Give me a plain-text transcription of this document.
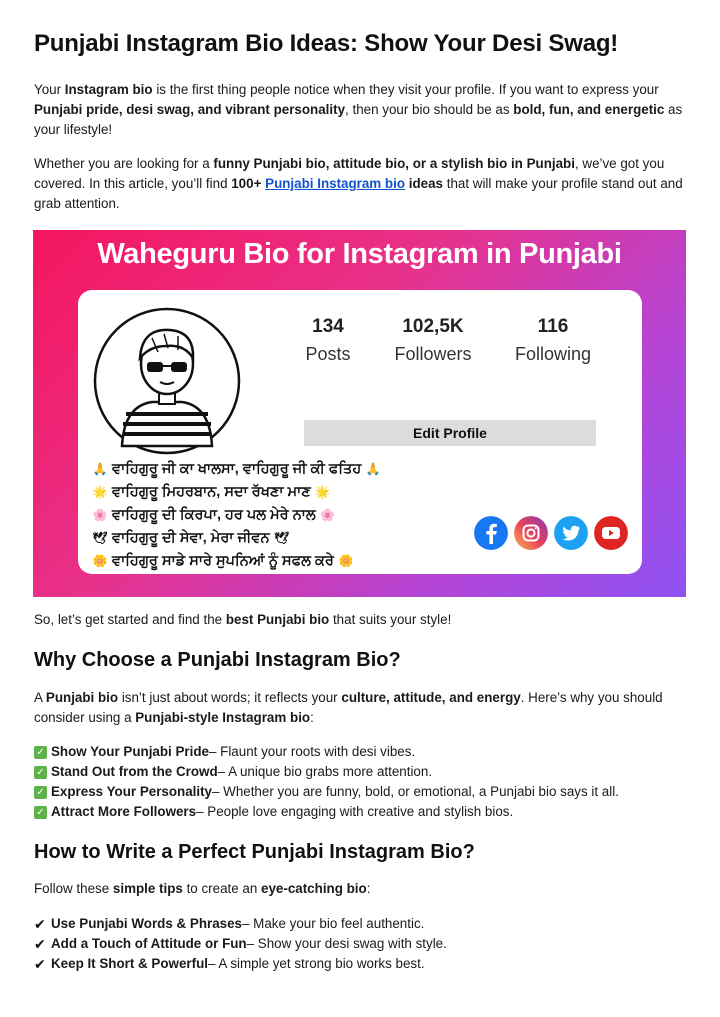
Punjabi Instagram Bio Ideas: Show Your Desi Swag!

Your Instagram bio is the first thing people notice when they visit your profile. If you want to express your Punjabi pride, desi swag, and vibrant personality, then your bio should be as bold, fun, and energetic as your lifestyle!

Whether you are looking for a funny Punjabi bio, attitude bio, or a stylish bio in Punjabi, we’ve got you covered. In this article, you’ll find 100+ Punjabi Instagram bio ideas that will make your profile stand out and grab attention.

Waheguru Bio for Instagram in Punjabi
134
Posts
102,5K
Followers
116
Following
Edit Profile
🙏 ਵਾਹਿਗੁਰੂ ਜੀ ਕਾ ਖਾਲਸਾ, ਵਾਹਿਗੁਰੂ ਜੀ ਕੀ ਫਤਿਹ 🙏
🌟 ਵਾਹਿਗੁਰੂ ਮਿਹਰਬਾਨ, ਸਦਾ ਰੱਖਣਾ ਮਾਣ 🌟
🌸 ਵਾਹਿਗੁਰੂ ਦੀ ਕਿਰਪਾ, ਹਰ ਪਲ ਮੇਰੇ ਨਾਲ 🌸
🕊 ਵਾਹਿਗੁਰੂ ਦੀ ਸੇਵਾ, ਮੇਰਾ ਜੀਵਨ 🕊
🌼 ਵਾਹਿਗੁਰੂ ਸਾਡੇ ਸਾਰੇ ਸੁਪਨਿਆਂ ਨੂੰ ਸਫਲ ਕਰੇ 🌼

So, let’s get started and find the best Punjabi bio that suits your style!

Why Choose a Punjabi Instagram Bio?

A Punjabi bio isn’t just about words; it reflects your culture, attitude, and energy. Here’s why you should consider using a Punjabi-style Instagram bio:

✓ Show Your Punjabi Pride – Flaunt your roots with desi vibes.
✓ Stand Out from the Crowd – A unique bio grabs more attention.
✓ Express Your Personality – Whether you are funny, bold, or emotional, a Punjabi bio says it all.
✓ Attract More Followers – People love engaging with creative and stylish bios.
How to Write a Perfect Punjabi Instagram Bio?

Follow these simple tips to create an eye-catching bio:

✔ Use Punjabi Words & Phrases – Make your bio feel authentic.
✔ Add a Touch of Attitude or Fun – Show your desi swag with style.
✔ Keep It Short & Powerful – A simple yet strong bio works best.
